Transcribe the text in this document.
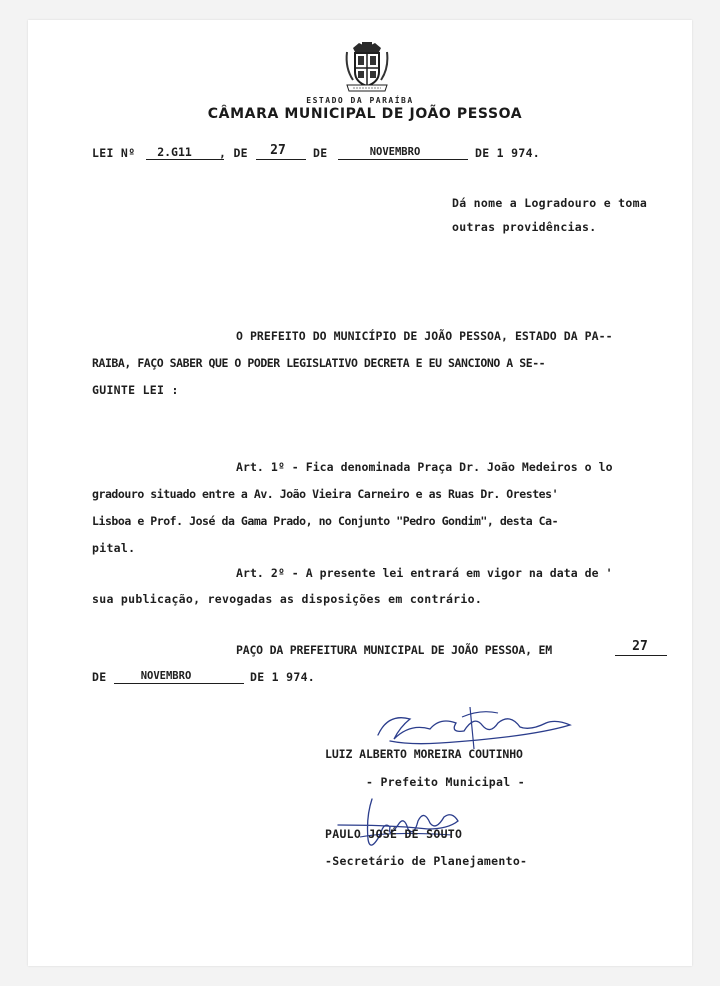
ESTADO DA PARAÍBA
CÂMARA MUNICIPAL DE JOÃO PESSOA
LEI Nº	2.G11	, DE	27	DE	NOVEMBRO	DE 1 974.
Dá nome a Logradouro e toma
outras providências.
O PREFEITO DO MUNICÍPIO DE JOÃO PESSOA, ESTADO DA PA--
RAIBA, FAÇO SABER QUE O PODER LEGISLATIVO DECRETA E EU SANCIONO A SE--
GUINTE LEI :
Art. 1º - Fica denominada Praça Dr. João Medeiros o lo
gradouro situado entre a Av. João Vieira Carneiro e as Ruas Dr. Orestes'
Lisboa e Prof. José da Gama Prado, no Conjunto "Pedro Gondim", desta Ca-
pital.
Art. 2º - A presente lei entrará em vigor na data de '
sua publicação, revogadas as disposições em contrário.
PAÇO DA PREFEITURA MUNICIPAL DE JOÃO PESSOA, EM	27
DE	NOVEMBRO	DE 1 974.
LUIZ ALBERTO MOREIRA COUTINHO
- Prefeito Municipal -
PAULO JOSÉ DE SOUTO
-Secretário de Planejamento-
